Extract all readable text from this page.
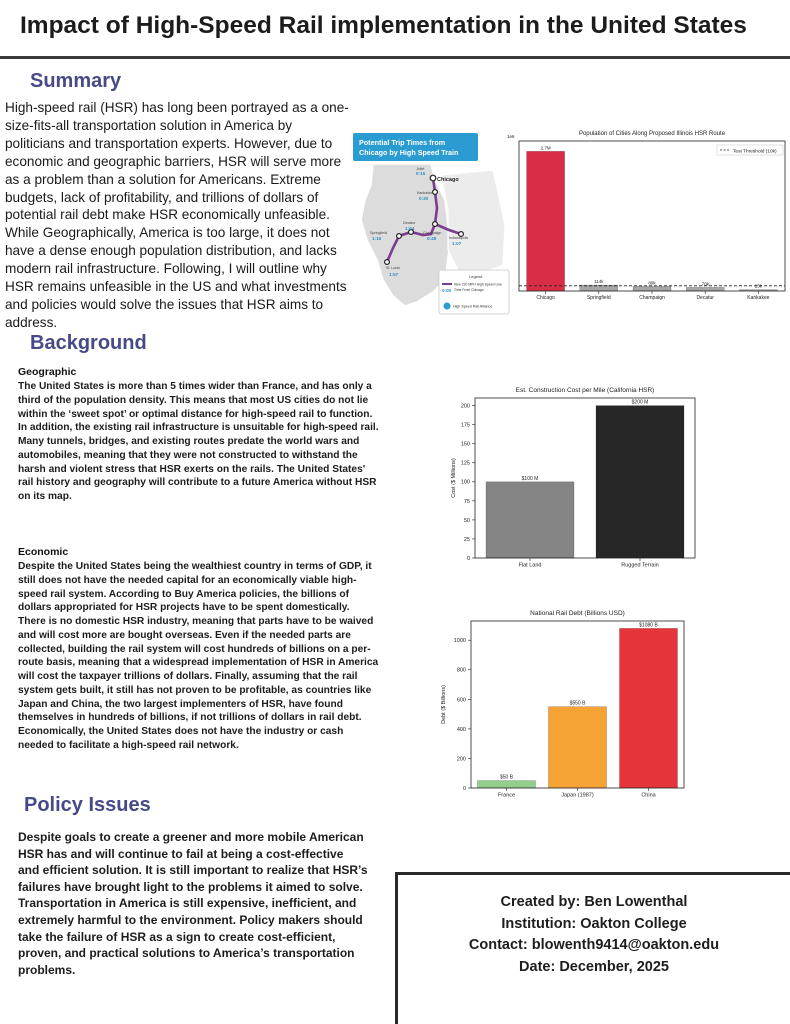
Impact of High-Speed Rail implementation in the United States
Summary
High-speed rail (HSR) has long been portrayed as a one-size-fits-all transportation solution in America by politicians and transportation experts. However, due to economic and geographic barriers, HSR will serve more as a problem than a solution for Americans. Extreme budgets, lack of profitability, and trillions of dollars of potential rail debt make HSR economically unfeasible. While Geographically, America is too large, it does not have a dense enough population distribution, and lacks modern rail infrastructure. Following, I will outline why HSR remains unfeasible in the US and what investments and policies would solve the issues that HSR aims to address.
Potential Trip Times from
Chicago by High Speed Train
Chicago
Joliet
0:15
Kankakee
0:30
Decatur
1:04
Springfield
1:16
Champaign
0:48	Indianapolis
1:07
St. Louis
1:57	Legend
New 220 MPH High Speed Line
0:00 Time From Chicago
High Speed Rail Alliance
Population of Cities Along Proposed Illinois HSR Route
1e6
2.7M
Chicago
114k
Springfield
89k
Champaign
70k
Decatur
25k
Kankakee
Test Threshold (10k)
Background
Geographic
The United States is more than 5 times wider than France, and has only a third of the population density. This means that most US cities do not lie within the ‘sweet spot’ or optimal distance for high-speed rail to function. In addition, the existing rail infrastructure is unsuitable for high-speed rail. Many tunnels, bridges, and existing routes predate the world wars and automobiles, meaning that they were not constructed to withstand the harsh and violent stress that HSR exerts on the rails. The United States' rail history and geography will contribute to a future America without HSR on its map.
Economic
Despite the United States being the wealthiest country in terms of GDP, it still does not have the needed capital for an economically viable high-speed rail system. According to Buy America policies, the billions of dollars appropriated for HSR projects have to be spent domestically. There is no domestic HSR industry, meaning that parts have to be waived and will cost more are bought overseas. Even if the needed parts are collected, building the rail system will cost hundreds of billions on a per-route basis, meaning that a widespread implementation of HSR in America will cost the taxpayer trillions of dollars. Finally, assuming that the rail system gets built, it still has not proven to be profitable, as countries like Japan and China, the two largest implementers of HSR, have found themselves in hundreds of billions, if not trillions of dollars in rail debt. Economically, the United States does not have the industry or cash needed to facilitate a high-speed rail network.
Est. Construction Cost per Mile (California HSR)
0
25
50
75
100
125
150
175
200
Cost ($ Millions)	$100 M
Flat Land
$200 M
Rugged Terrain
National Rail Debt (Billions USD)
0
200
400
600
800
1000
Debt ($ Billions)
$50 B
France
$550 B
Japan (1987)
$1080 B
China
Policy Issues
Despite goals to create a greener and more mobile American HSR has and will continue to fail at being a cost-effective and efficient solution. It is still important to realize that HSR’s failures have brought light to the problems it aimed to solve. Transportation in America is still expensive, inefficient, and extremely harmful to the environment. Policy makers should take the failure of HSR as a sign to create cost-efficient, proven, and practical solutions to America’s transportation problems.
Created by: Ben Lowenthal
Institution: Oakton College
Contact: blowenth9414@oakton.edu
Date: December, 2025
